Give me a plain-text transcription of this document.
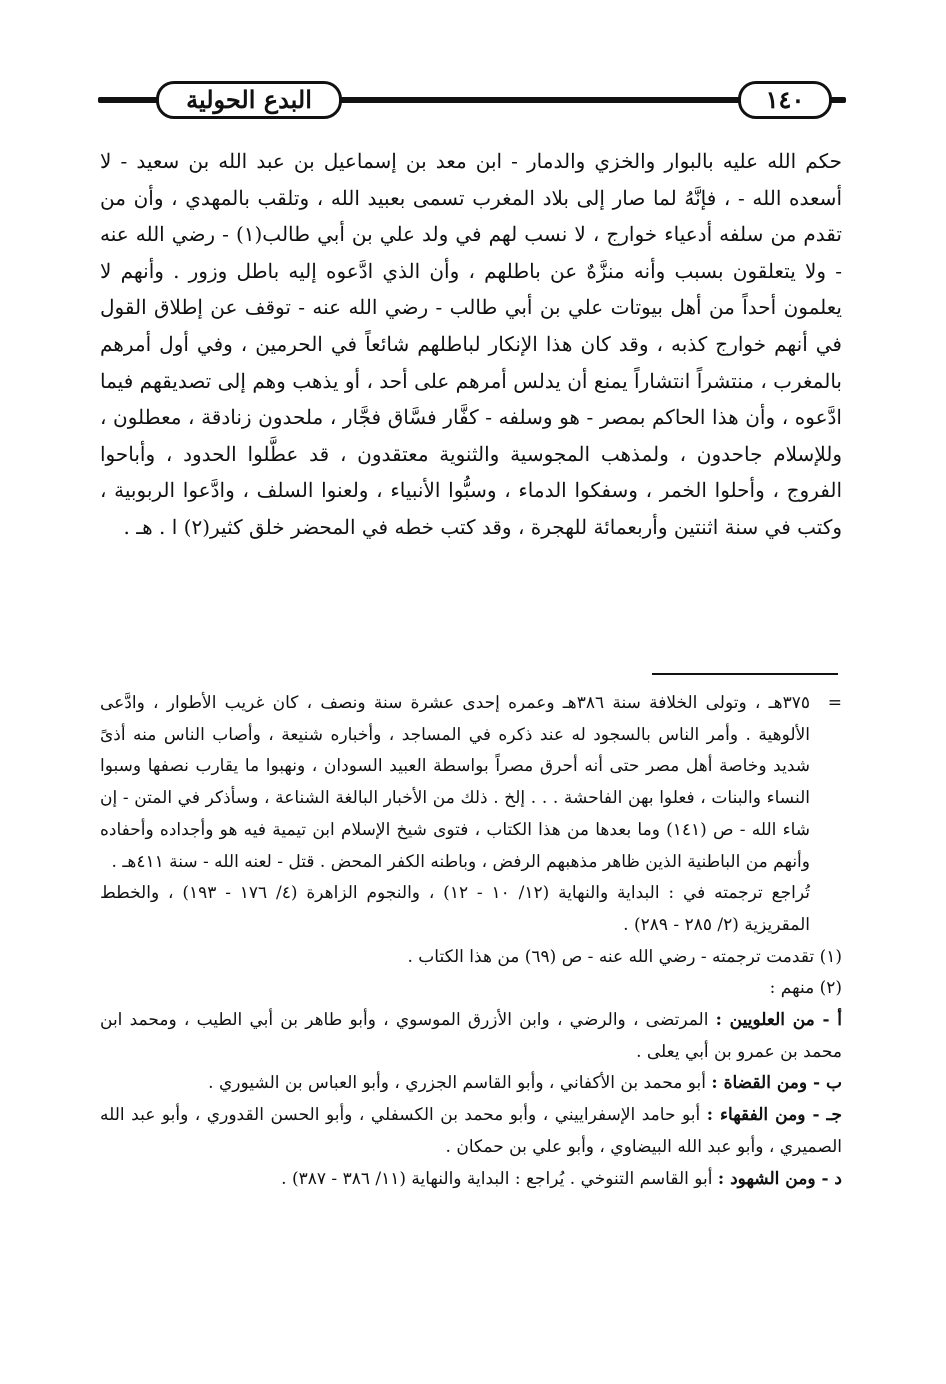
البدع الحولية	١٤٠

حكم الله عليه بالبوار والخزي والدمار - ابن معد بن إسماعيل بن عبد الله بن سعيد - لا أسعده الله - ، فإنَّهُ لما صار إلى بلاد المغرب تسمى بعبيد الله ، وتلقب بالمهدي ، وأن من تقدم من سلفه أدعياء خوارج ، لا نسب لهم في ولد علي بن أبي طالب(١) - رضي الله عنه - ولا يتعلقون بسبب وأنه منزَّهٌ عن باطلهم ، وأن الذي ادَّعوه إليه باطل وزور . وأنهم لا يعلمون أحداً من أهل بيوتات علي بن أبي طالب - رضي الله عنه - توقف عن إطلاق القول في أنهم خوارج كذبه ، وقد كان هذا الإنكار لباطلهم شائعاً في الحرمين ، وفي أول أمرهم بالمغرب ، منتشراً انتشاراً يمنع أن يدلس أمرهم على أحد ، أو يذهب وهم إلى تصديقهم فيما ادَّعوه ، وأن هذا الحاكم بمصر - هو وسلفه - كفَّار فسَّاق فجَّار ، ملحدون زنادقة ، معطلون ، وللإسلام جاحدون ، ولمذهب المجوسية والثنوية معتقدون ، قد عطَّلوا الحدود ، وأباحوا الفروج ، وأحلوا الخمر ، وسفكوا الدماء ، وسبُّوا الأنبياء ، ولعنوا السلف ، وادَّعوا الربوبية ، وكتب في سنة اثنتين وأربعمائة للهجرة ، وقد كتب خطه في المحضر خلق كثير(٢) ا . هـ .

=

٣٧٥هـ ، وتولى الخلافة سنة ٣٨٦هـ وعمره إحدى عشرة سنة ونصف ، كان غريب الأطوار ، وادَّعى الألوهية . وأمر الناس بالسجود له عند ذكره في المساجد ، وأخباره شنيعة ، وأصاب الناس منه أذىً شديد وخاصة أهل مصر حتى أنه أحرق مصراً بواسطة العبيد السودان ، ونهبوا ما يقارب نصفها وسبوا النساء والبنات ، فعلوا بهن الفاحشة . . . إلخ . ذلك من الأخبار البالغة الشناعة ، وسأذكر في المتن - إن شاء الله - ص (١٤١) وما بعدها من هذا الكتاب ، فتوى شيخ الإسلام ابن تيمية فيه هو وأجداده وأحفاده وأنهم من الباطنية الذين ظاهر مذهبهم الرفض ، وباطنه الكفر المحض . قتل - لعنه الله - سنة ٤١١هـ .

تُراجع ترجمته في : البداية والنهاية (١٢/ ١٠ - ١٢) ، والنجوم الزاهرة (٤/ ١٧٦ - ١٩٣) ، والخطط المقريزية (٢/ ٢٨٥ - ٢٨٩) .

(١) تقدمت ترجمته - رضي الله عنه - ص (٦٩) من هذا الكتاب .

(٢) منهم :

أ - من العلويين : المرتضى ، والرضي ، وابن الأزرق الموسوي ، وأبو طاهر بن أبي الطيب ، ومحمد ابن محمد بن عمرو بن أبي يعلى .

ب - ومن القضاة : أبو محمد بن الأكفاني ، وأبو القاسم الجزري ، وأبو العباس بن الشيوري .

جـ - ومن الفقهاء : أبو حامد الإسفراييني ، وأبو محمد بن الكسفلي ، وأبو الحسن القدوري ، وأبو عبد الله الصميري ، وأبو عبد الله البيضاوي ، وأبو علي بن حمكان .

د - ومن الشهود : أبو القاسم التنوخي . يُراجع : البداية والنهاية (١١/ ٣٨٦ - ٣٨٧) .
